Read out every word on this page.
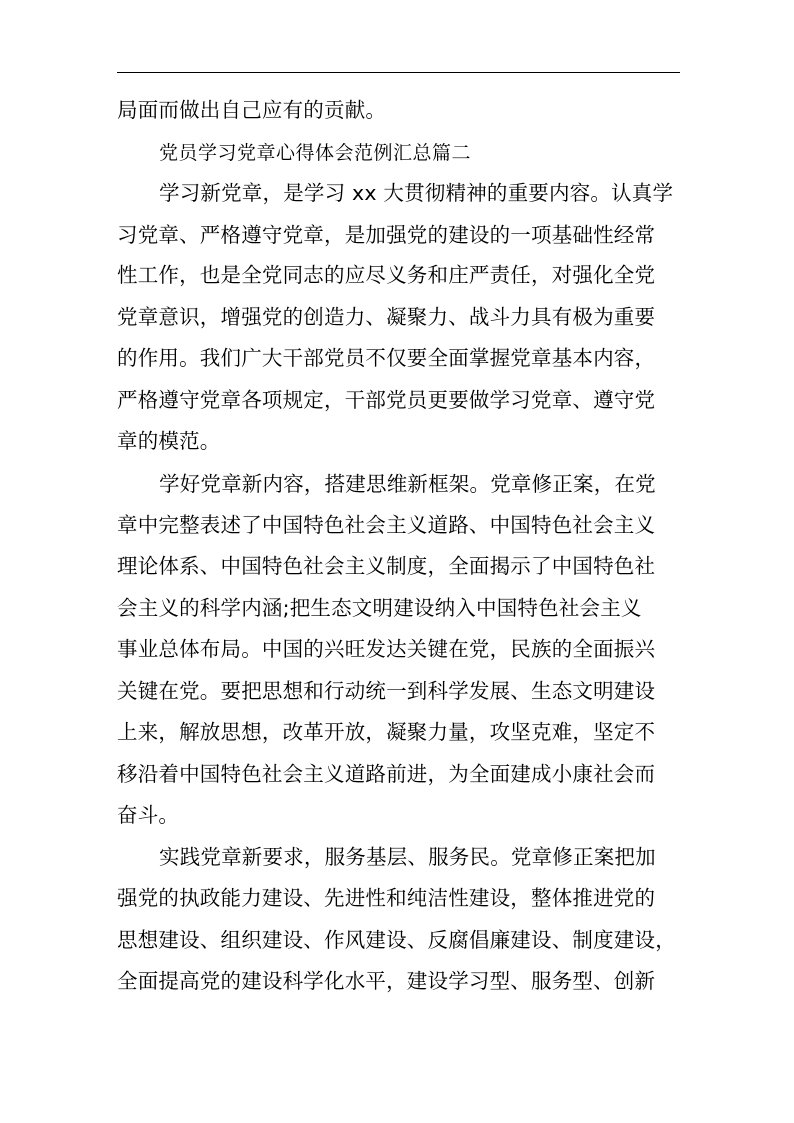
局面而做出自己应有的贡献。
党员学习党章心得体会范例汇总篇二
学习新党章，是学习 xx 大贯彻精神的重要内容。认真学
习党章、严格遵守党章，是加强党的建设的一项基础性经常
性工作，也是全党同志的应尽义务和庄严责任，对强化全党
党章意识，增强党的创造力、凝聚力、战斗力具有极为重要
的作用。我们广大干部党员不仅要全面掌握党章基本内容，
严格遵守党章各项规定，干部党员更要做学习党章、遵守党
章的模范。
学好党章新内容，搭建思维新框架。党章修正案，在党
章中完整表述了中国特色社会主义道路、中国特色社会主义
理论体系、中国特色社会主义制度，全面揭示了中国特色社
会主义的科学内涵;把生态文明建设纳入中国特色社会主义
事业总体布局。中国的兴旺发达关键在党，民族的全面振兴
关键在党。要把思想和行动统一到科学发展、生态文明建设
上来，解放思想，改革开放，凝聚力量，攻坚克难，坚定不
移沿着中国特色社会主义道路前进，为全面建成小康社会而
奋斗。
实践党章新要求，服务基层、服务民。党章修正案把加
强党的执政能力建设、先进性和纯洁性建设，整体推进党的
思想建设、组织建设、作风建设、反腐倡廉建设、制度建设，
全面提高党的建设科学化水平，建设学习型、服务型、创新
